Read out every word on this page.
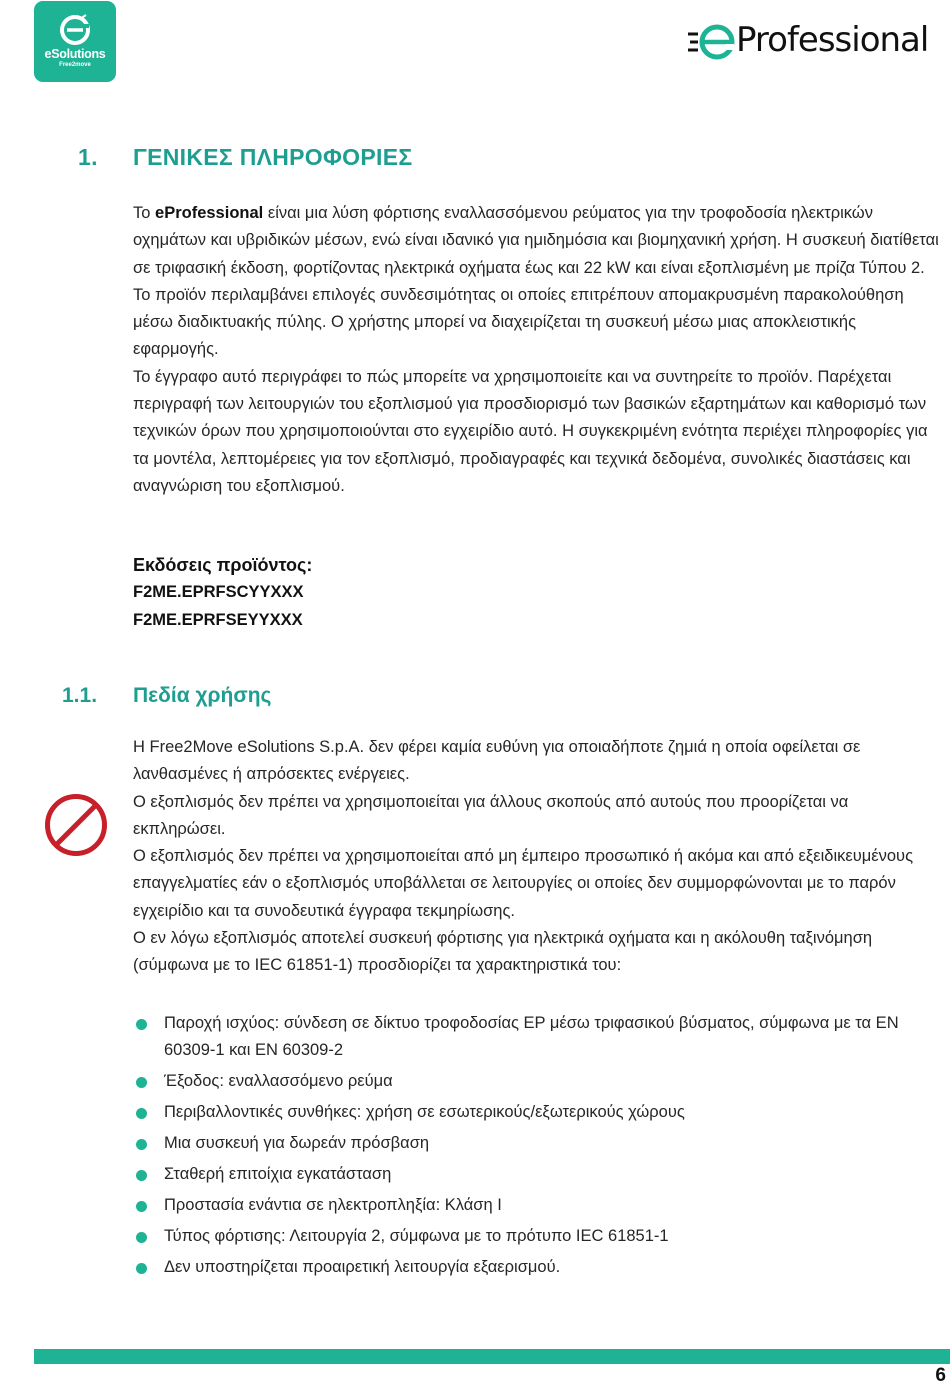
eSolutions
Free2move
Professional
1. ΓΕΝΙΚΕΣ ΠΛΗΡΟΦΟΡΙΕΣ

Το eProfessional είναι μια λύση φόρτισης εναλλασσόμενου ρεύματος για την τροφοδοσία ηλεκτρικών οχημάτων και υβριδικών μέσων, ενώ είναι ιδανικό για ημιδημόσια και βιομηχανική χρήση. Η συσκευή διατίθεται σε τριφασική έκδοση, φορτίζοντας ηλεκτρικά οχήματα έως και 22 kW και είναι εξοπλισμένη με πρίζα Τύπου 2.

Το προϊόν περιλαμβάνει επιλογές συνδεσιμότητας οι οποίες επιτρέπουν απομακρυσμένη παρακολούθηση μέσω διαδικτυακής πύλης. Ο χρήστης μπορεί να διαχειρίζεται τη συσκευή μέσω μιας αποκλειστικής εφαρμογής.

Το έγγραφο αυτό περιγράφει το πώς μπορείτε να χρησιμοποιείτε και να συντηρείτε το προϊόν. Παρέχεται περιγραφή των λειτουργιών του εξοπλισμού για προσδιορισμό των βασικών εξαρτημάτων και καθορισμό των τεχνικών όρων που χρησιμοποιούνται στο εγχειρίδιο αυτό. Η συγκεκριμένη ενότητα περιέχει πληροφορίες για τα μοντέλα, λεπτομέρειες για τον εξοπλισμό, προδιαγραφές και τεχνικά δεδομένα, συνολικές διαστάσεις και αναγνώριση του εξοπλισμού.

Εκδόσεις προϊόντος:
F2ME.EPRFSCYYXXX
F2ME.EPRFSEYYXXX
1.1. Πεδία χρήσης

Η Free2Move eSolutions S.p.A. δεν φέρει καμία ευθύνη για οποιαδήποτε ζημιά η οποία οφείλεται σε λανθασμένες ή απρόσεκτες ενέργειες.

Ο εξοπλισμός δεν πρέπει να χρησιμοποιείται για άλλους σκοπούς από αυτούς που προορίζεται να εκπληρώσει.

Ο εξοπλισμός δεν πρέπει να χρησιμοποιείται από μη έμπειρο προσωπικό ή ακόμα και από εξειδικευμένους επαγγελματίες εάν ο εξοπλισμός υποβάλλεται σε λειτουργίες οι οποίες δεν συμμορφώνονται με το παρόν εγχειρίδιο και τα συνοδευτικά έγγραφα τεκμηρίωσης.

Ο εν λόγω εξοπλισμός αποτελεί συσκευή φόρτισης για ηλεκτρικά οχήματα και η ακόλουθη ταξινόμηση (σύμφωνα με το IEC 61851-1) προσδιορίζει τα χαρακτηριστικά του:

Παροχή ισχύος: σύνδεση σε δίκτυο τροφοδοσίας ΕΡ μέσω τριφασικού βύσματος, σύμφωνα με τα EN 60309-1 και EN 60309-2
Έξοδος: εναλλασσόμενο ρεύμα
Περιβαλλοντικές συνθήκες: χρήση σε εσωτερικούς/εξωτερικούς χώρους
Μια συσκευή για δωρεάν πρόσβαση
Σταθερή επιτοίχια εγκατάσταση
Προστασία ενάντια σε ηλεκτροπληξία: Κλάση I
Τύπος φόρτισης: Λειτουργία 2, σύμφωνα με το πρότυπο IEC 61851-1
Δεν υποστηρίζεται προαιρετική λειτουργία εξαερισμού.
6
